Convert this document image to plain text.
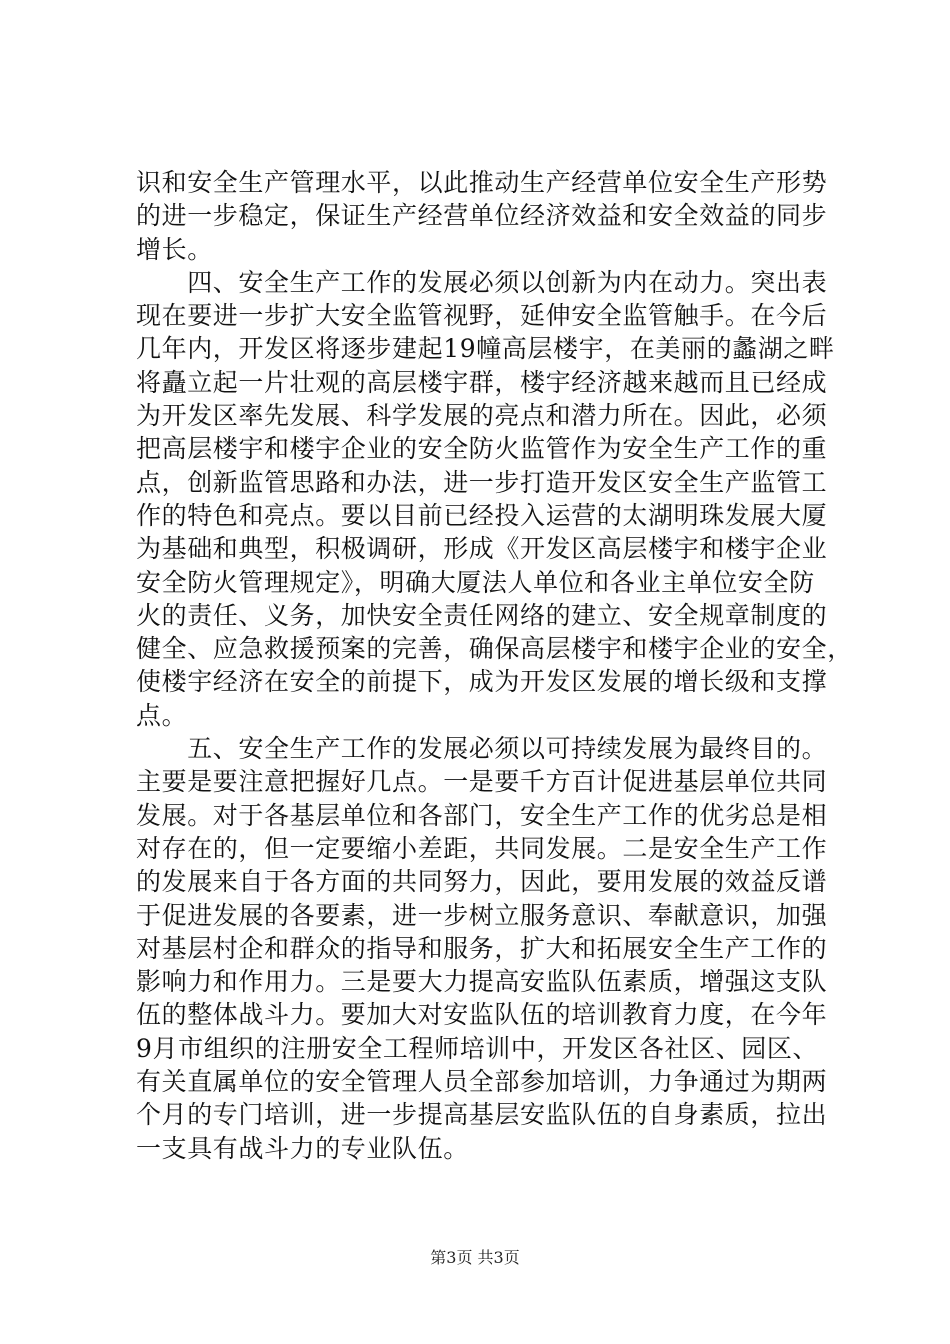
识和安全生产管理水平，以此推动生产经营单位安全生产形势
的进一步稳定，保证生产经营单位经济效益和安全效益的同步
增长。
　　四、安全生产工作的发展必须以创新为内在动力。突出表
现在要进一步扩大安全监管视野，延伸安全监管触手。在今后
几年内，开发区将逐步建起19幢高层楼宇，在美丽的蠡湖之畔
将矗立起一片壮观的高层楼宇群，楼宇经济越来越而且已经成
为开发区率先发展、科学发展的亮点和潜力所在。因此，必须
把高层楼宇和楼宇企业的安全防火监管作为安全生产工作的重
点，创新监管思路和办法，进一步打造开发区安全生产监管工
作的特色和亮点。要以目前已经投入运营的太湖明珠发展大厦
为基础和典型，积极调研，形成《开发区高层楼宇和楼宇企业
安全防火管理规定》，明确大厦法人单位和各业主单位安全防
火的责任、义务，加快安全责任网络的建立、安全规章制度的
健全、应急救援预案的完善，确保高层楼宇和楼宇企业的安全，
使楼宇经济在安全的前提下，成为开发区发展的增长级和支撑
点。
　　五、安全生产工作的发展必须以可持续发展为最终目的。
主要是要注意把握好几点。一是要千方百计促进基层单位共同
发展。对于各基层单位和各部门，安全生产工作的优劣总是相
对存在的，但一定要缩小差距，共同发展。二是安全生产工作
的发展来自于各方面的共同努力，因此，要用发展的效益反谱
于促进发展的各要素，进一步树立服务意识、奉献意识，加强
对基层村企和群众的指导和服务，扩大和拓展安全生产工作的
影响力和作用力。三是要大力提高安监队伍素质，增强这支队
伍的整体战斗力。要加大对安监队伍的培训教育力度，在今年
9月市组织的注册安全工程师培训中，开发区各社区、园区、
有关直属单位的安全管理人员全部参加培训，力争通过为期两
个月的专门培训，进一步提高基层安监队伍的自身素质，拉出
一支具有战斗力的专业队伍。
第3页 共3页
